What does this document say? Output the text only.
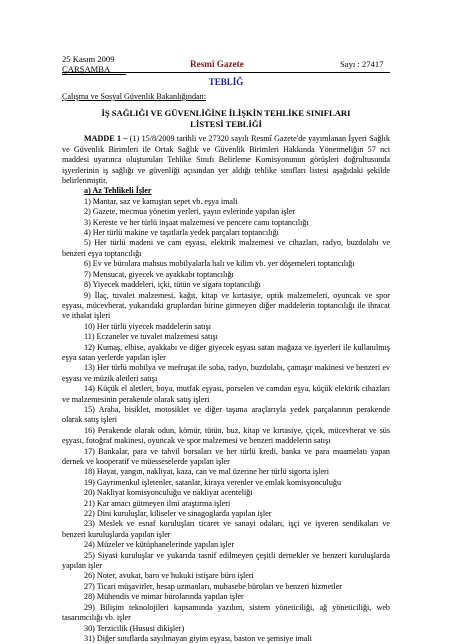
25 Kasım 2009
ÇARŞAMBA	Resmî Gazete	Sayı : 27417
TEBLİĞ
Çalışma ve Sosyal Güvenlik Bakanlığından:
İŞ SAĞLIĞI VE GÜVENLİĞİNE İLİŞKİN TEHLİKE SINIFLARI
LİSTESİ TEBLİĞİ

MADDE 1 – (1) 15/8/2009 tarihli ve 27320 sayılı Resmî Gazete'de yayımlanan İşyeri Sağlık ve Güvenlik Birimleri ile Ortak Sağlık ve Güvenlik Birimleri Hakkında Yönetmeliğin 57 nci maddesi uyarınca oluşturulan Tehlike Sınıfı Belirleme Komisyonunun görüşleri doğrultusunda işyerlerinin iş sağlığı ve güvenliği açısından yer aldığı tehlike sınıfları listesi aşağıdaki şekilde belirlenmiştir.

a) Az Tehlikeli İşler
1) Mantar, saz ve kamıştan sepet vb. eşya imali
2) Gazete, mecmua yönetim yerleri, yayın evlerinde yapılan işler
3) Kereste ve her türlü inşaat malzemesi ve pencere camı toptancılığı
4) Her türlü makine ve taşıtlarla yedek parçaları toptancılığı
5) Her türlü madeni ve cam eşyası, elektrik malzemesi ve cihazları, radyo, buzdolabı ve benzeri eşya toptancılığı
6) Ev ve bürolara mahsus mobilyalarla halı ve kilim vb. yer döşemeleri toptancılığı
7) Mensucat, giyecek ve ayakkabı toptancılığı
8) Yiyecek maddeleri, içki, tütün ve sigara toptancılığı
9) İlaç, tuvalet malzemesi, kağıt, kitap ve kırtasiye, optik malzemeleri, oyuncak ve spor eşyası, mücevherat, yukarıdaki gruplardan birine girmeyen diğer maddelerin toptancılığı ile ihracat ve ithalat işleri
10) Her türlü yiyecek maddelerin satışı
11) Eczaneler ve tuvalet malzemesi satışı
12) Kumaş, elbise, ayakkabı ve diğer giyecek eşyası satan mağaza ve işyerleri ile kullanılmış eşya satan yerlerde yapılan işler
13) Her türlü mobilya ve mefruşat ile soba, radyo, buzdolabı, çamaşır makinesi ve benzeri ev eşyası ve müzik aletleri satışı
14) Küçük el aletleri, boya, mutfak eşyası, porselen ve camdan eşya, küçük elektrik cihazları ve malzemesinin perakende olarak satış işleri
15) Araba, bisiklet, motosiklet ve diğer taşıma araçlarıyla yedek parçalarının perakende olarak satış işleri
16) Perakende olarak odun, kömür, tütün, buz, kitap ve kırtasiye, çiçek, mücevherat ve süs eşyası, fotoğraf makinesi, oyuncak ve spor malzemesi ve benzeri maddelerin satışı
17) Bankalar, para ve tahvil borsaları ve her türlü kredi, banka ve para muamelatı yapan dernek ve kooperatif ve müesseselerde yapılan işler
18) Hayat, yangın, nakliyat, kaza, can ve mal üzerine her türlü sigorta işleri
19) Gayrimenkul işletenler, satanlar, kiraya verenler ve emlak komisyonculuğu
20) Nakliyat komisyonculuğu ve nakliyat acenteliği
21) Kar amacı gütmeyen ilmi araştırma işleri
22) Dini kuruluşlar, kiliseler ve sinagoglarda yapılan işler
23) Meslek ve esnaf kuruluşları ticaret ve sanayi odaları, işçi ve işveren sendikaları ve benzeri kuruluşlarda yapılan işler
24) Müzeler ve kütüphanelerinde yapılan işler
25) Siyasi kuruluşlar ve yukarıda tasnif edilmeyen çeşitli dernekler ve benzeri kuruluşlarda yapılan işler
26) Noter, avukat, baro ve hukuki istişare büro işleri
27) Ticari müşavirler, hesap uzmanları, muhasebe büroları ve benzeri hizmetler
28) Mühendis ve mimar bürolarında yapılan işler
29) Bilişim teknolojileri kapsamında yazılım, sistem yöneticiliği, ağ yöneticiliği, web tasarımcılığı vb. işler
30) Terzicilik (Hususi dikişler)
31) Diğer sınıflarda sayılmayan giyim eşyası, baston ve şemsiye imali
